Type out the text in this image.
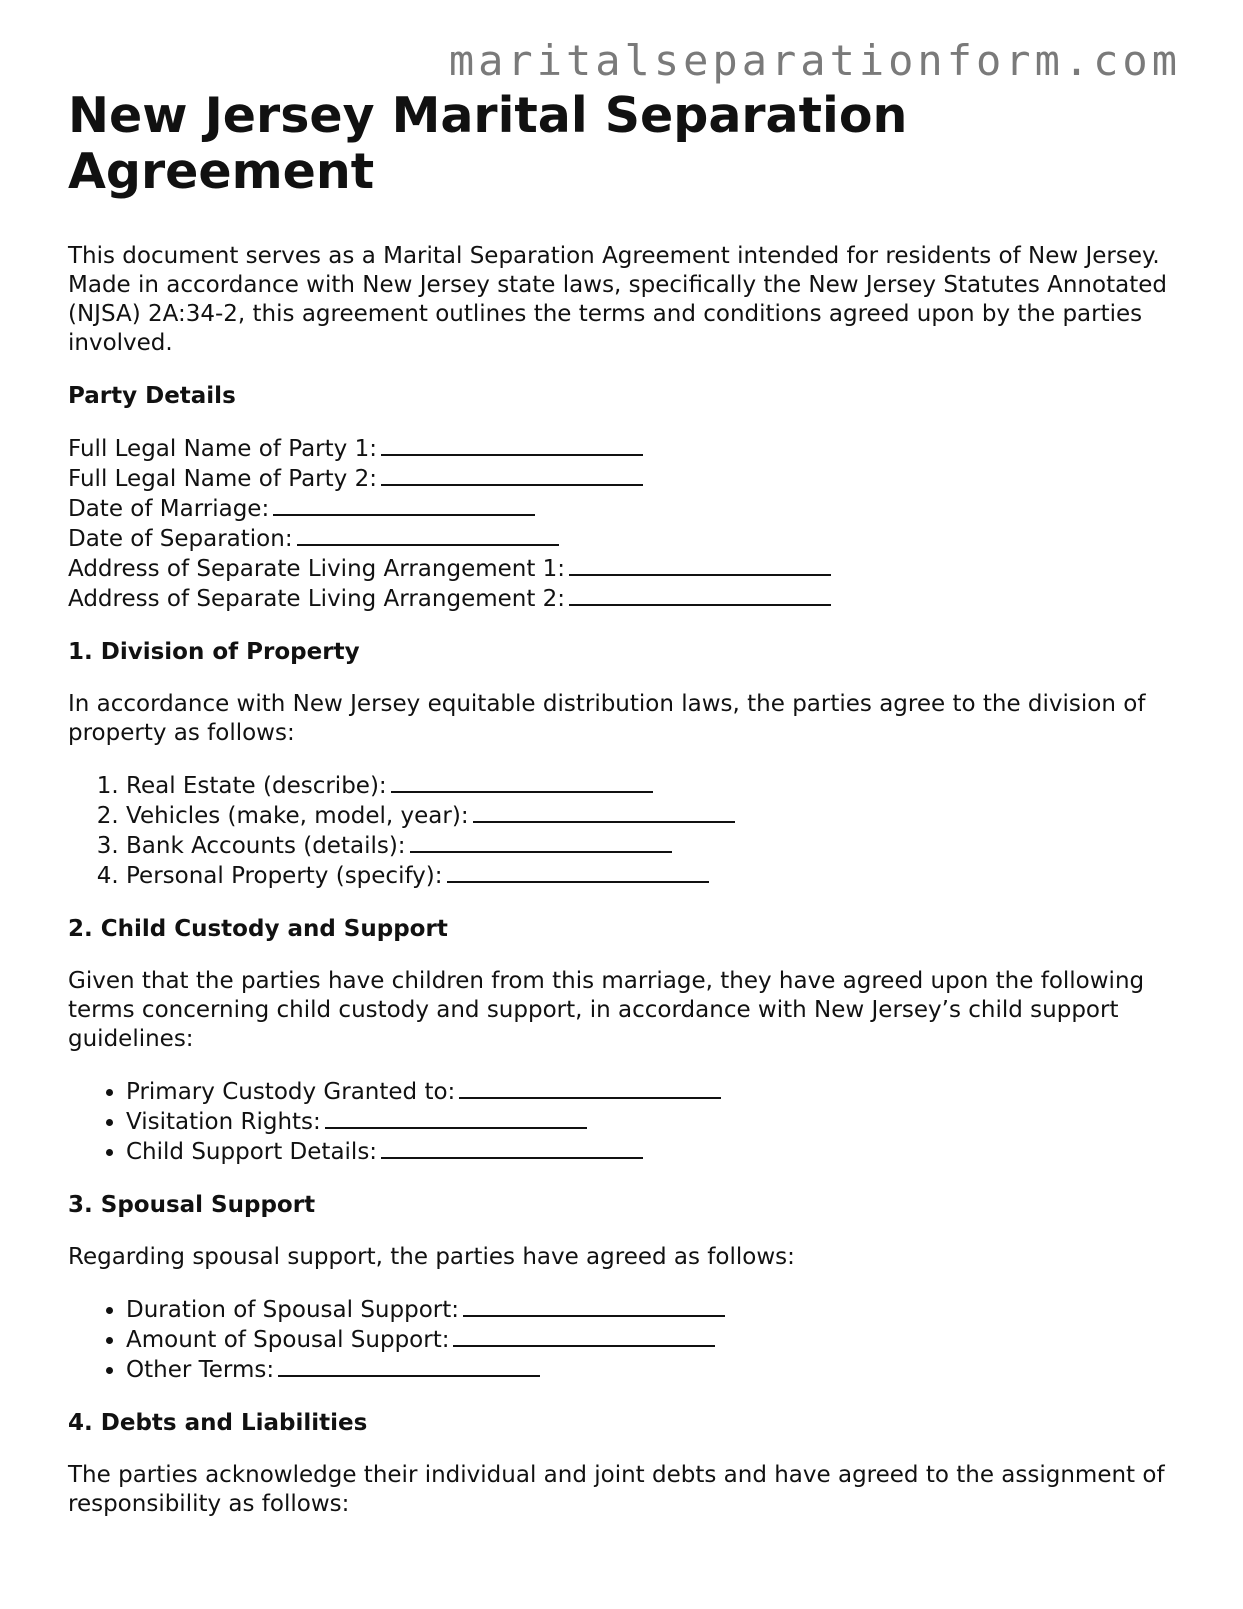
maritalseparationform.com
New Jersey Marital Separation Agreement

This document serves as a Marital Separation Agreement intended for residents of New Jersey. Made in accordance with New Jersey state laws, specifically the New Jersey Statutes Annotated (NJSA) 2A:34-2, this agreement outlines the terms and conditions agreed upon by the parties involved.

Party Details
Full Legal Name of Party 1:
Full Legal Name of Party 2:
Date of Marriage:
Date of Separation:
Address of Separate Living Arrangement 1:
Address of Separate Living Arrangement 2:
1. Division of Property

In accordance with New Jersey equitable distribution laws, the parties agree to the division of property as follows:

1. Real Estate (describe):
2. Vehicles (make, model, year):
3. Bank Accounts (details):
4. Personal Property (specify):
2. Child Custody and Support

Given that the parties have children from this marriage, they have agreed upon the following terms concerning child custody and support, in accordance with New Jersey’s child support guidelines:

• Primary Custody Granted to:
• Visitation Rights:
• Child Support Details:
3. Spousal Support

Regarding spousal support, the parties have agreed as follows:

• Duration of Spousal Support:
• Amount of Spousal Support:
• Other Terms:
4. Debts and Liabilities

The parties acknowledge their individual and joint debts and have agreed to the assignment of responsibility as follows:
